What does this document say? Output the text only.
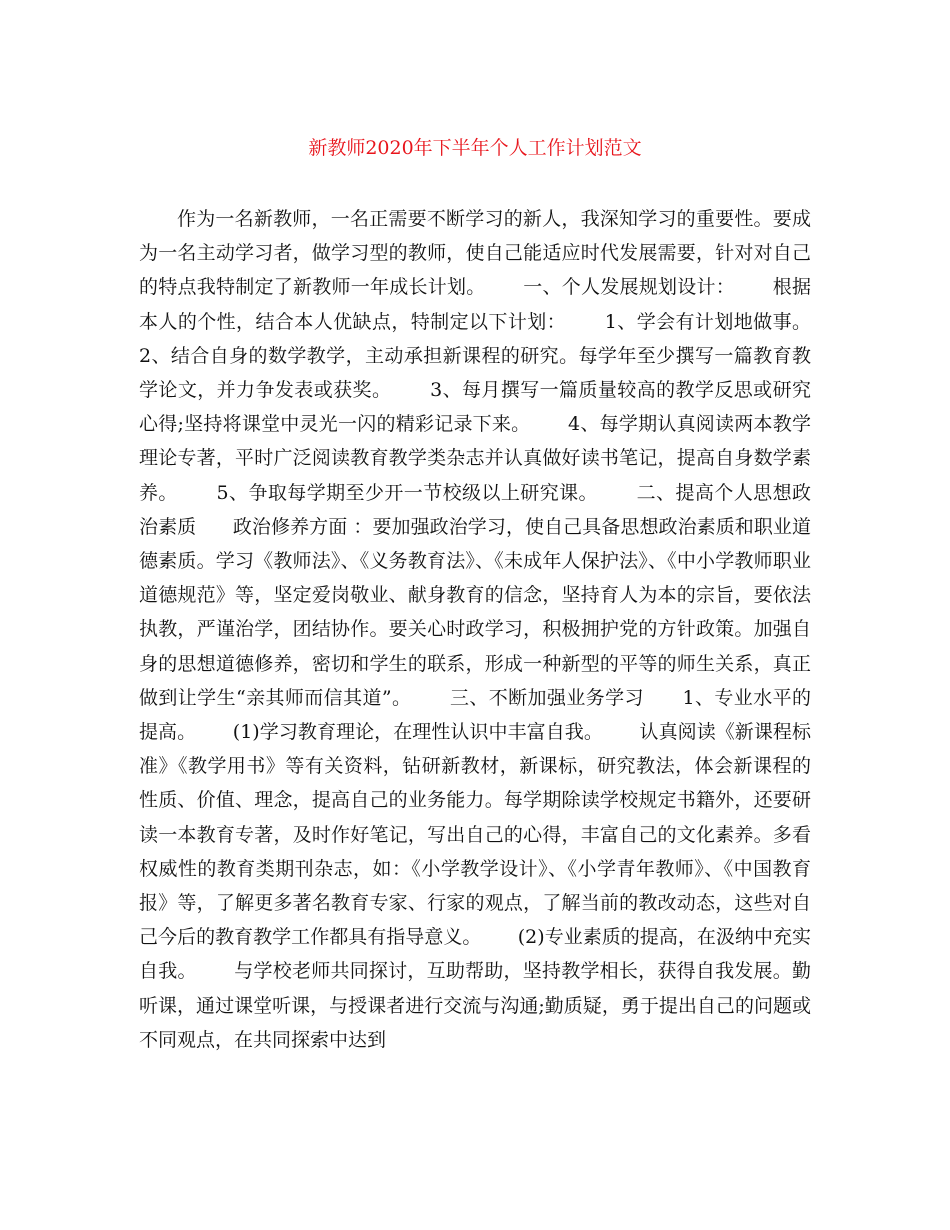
新教师2020年下半年个人工作计划范文

作为一名新教师，一名正需要不断学习的新人，我深知学习的重要性。要成为一名主动学习者，做学习型的教师，使自己能适应时代发展需要，针对对自己的特点我特制定了新教师一年成长计划。      一、个人发展规划设计：      根据本人的个性，结合本人优缺点，特制定以下计划：      1、学会有计划地做事。      2、结合自身的数学教学，主动承担新课程的研究。每学年至少撰写一篇教育教学论文，并力争发表或获奖。      3、每月撰写一篇质量较高的教学反思或研究心得;坚持将课堂中灵光一闪的精彩记录下来。      4、每学期认真阅读两本教学理论专著，平时广泛阅读教育教学类杂志并认真做好读书笔记，提高自身数学素养。      5、争取每学期至少开一节校级以上研究课。      二、提高个人思想政治素质      政治修养方面 ：要加强政治学习，使自己具备思想政治素质和职业道德素质。学习《教师法》、《义务教育法》、《未成年人保护法》、《中小学教师职业道德规范》等，坚定爱岗敬业、献身教育的信念，坚持育人为本的宗旨，要依法执教，严谨治学，团结协作。要关心时政学习，积极拥护党的方针政策。加强自身的思想道德修养，密切和学生的联系，形成一种新型的平等的师生关系，真正做到让学生“亲其师而信其道”。      三、不断加强业务学习      1、专业水平的提高。      (1)学习教育理论，在理性认识中丰富自我。      认真阅读《新课程标准》《教学用书》等有关资料，钻研新教材，新课标，研究教法，体会新课程的性质、价值、理念，提高自己的业务能力。每学期除读学校规定书籍外，还要研读一本教育专著，及时作好笔记，写出自己的心得，丰富自己的文化素养。多看权威性的教育类期刊杂志，如：《小学教学设计》、《小学青年教师》、《中国教育报》等，了解更多著名教育专家、行家的观点，了解当前的教改动态，这些对自己今后的教育教学工作都具有指导意义。      (2)专业素质的提高，在汲纳中充实自我。      与学校老师共同探讨，互助帮助，坚持教学相长，获得自我发展。勤听课，通过课堂听课，与授课者进行交流与沟通;勤质疑，勇于提出自己的问题或不同观点，在共同探索中达到
